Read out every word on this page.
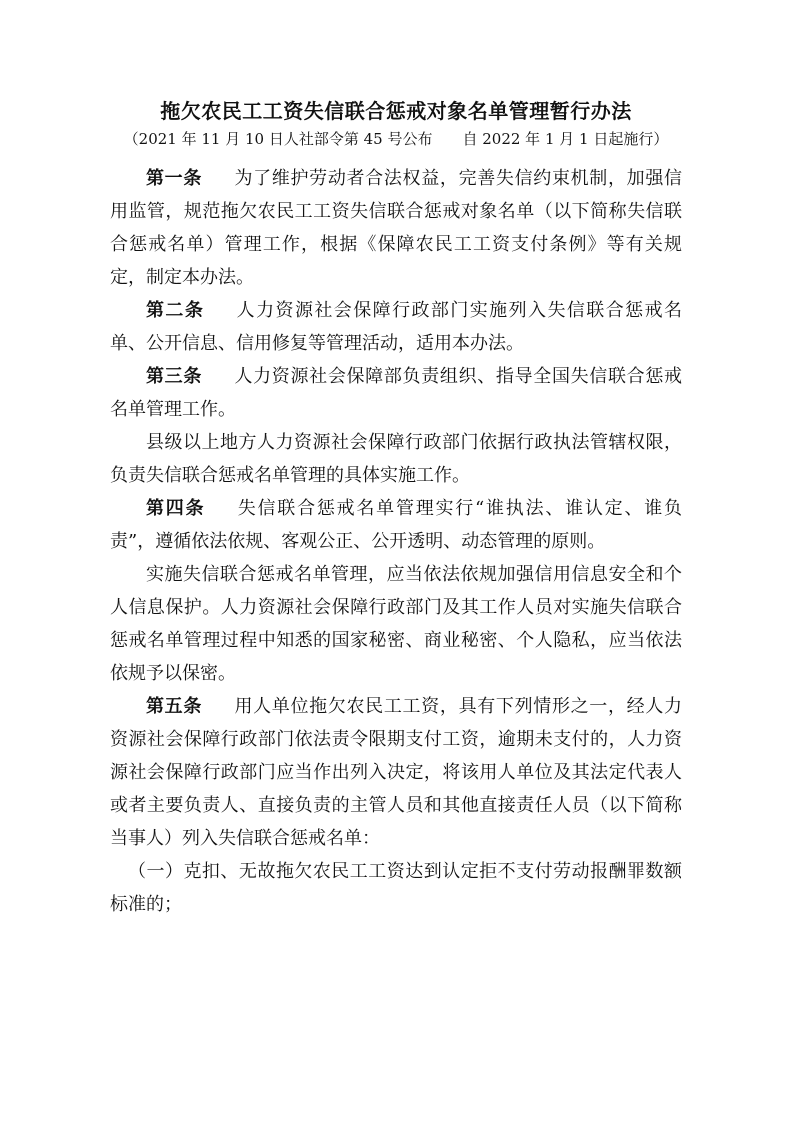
拖欠农民工工资失信联合惩戒对象名单管理暂行办法

（2021 年 11 月 10 日人社部令第 45 号公布　　自 2022 年 1 月 1 日起施行）

第一条 为了维护劳动者合法权益，完善失信约束机制，加强信用监管，规范拖欠农民工工资失信联合惩戒对象名单（以下简称失信联合惩戒名单）管理工作，根据《保障农民工工资支付条例》等有关规定，制定本办法。

第二条 人力资源社会保障行政部门实施列入失信联合惩戒名单、公开信息、信用修复等管理活动，适用本办法。

第三条 人力资源社会保障部负责组织、指导全国失信联合惩戒名单管理工作。

县级以上地方人力资源社会保障行政部门依据行政执法管辖权限，负责失信联合惩戒名单管理的具体实施工作。

第四条 失信联合惩戒名单管理实行“谁执法、谁认定、谁负责”，遵循依法依规、客观公正、公开透明、动态管理的原则。

实施失信联合惩戒名单管理，应当依法依规加强信用信息安全和个人信息保护。人力资源社会保障行政部门及其工作人员对实施失信联合惩戒名单管理过程中知悉的国家秘密、商业秘密、个人隐私，应当依法依规予以保密。

第五条 用人单位拖欠农民工工资，具有下列情形之一，经人力资源社会保障行政部门依法责令限期支付工资，逾期未支付的，人力资源社会保障行政部门应当作出列入决定，将该用人单位及其法定代表人或者主要负责人、直接负责的主管人员和其他直接责任人员（以下简称当事人）列入失信联合惩戒名单：

（一）克扣、无故拖欠农民工工资达到认定拒不支付劳动报酬罪数额标准的；
